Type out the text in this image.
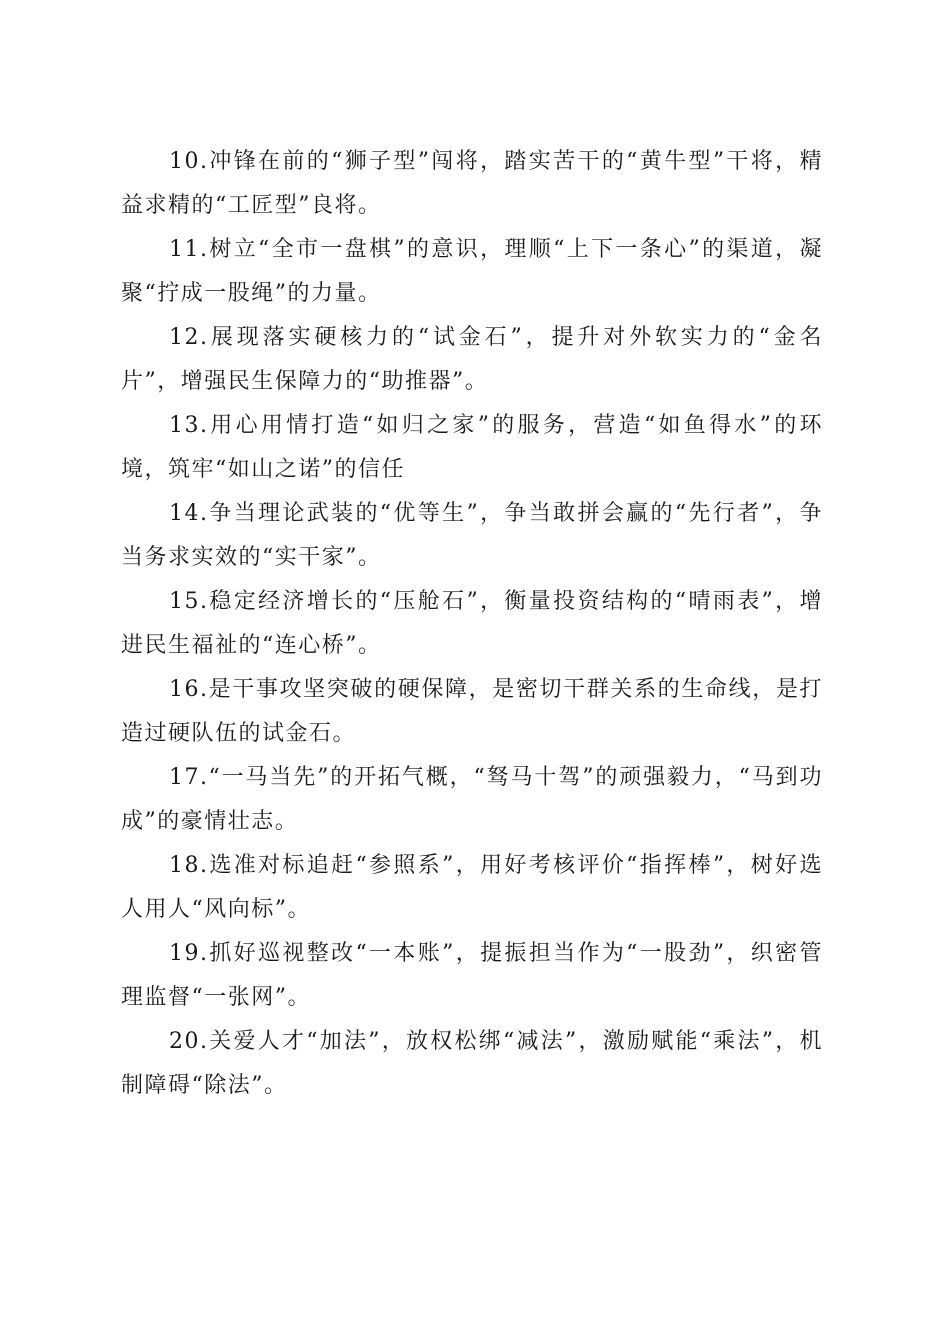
10.冲锋在前的“狮子型”闯将，踏实苦干的“黄牛型”干将，精益求精的“工匠型”良将。

11.树立“全市一盘棋”的意识，理顺“上下一条心”的渠道，凝聚“拧成一股绳”的力量。

12.展现落实硬核力的“试金石”，提升对外软实力的“金名片”，增强民生保障力的“助推器”。

13.用心用情打造“如归之家”的服务，营造“如鱼得水”的环境，筑牢“如山之诺”的信任

14.争当理论武装的“优等生”，争当敢拼会赢的“先行者”，争当务求实效的“实干家”。

15.稳定经济增长的“压舱石”，衡量投资结构的“晴雨表”，增进民生福祉的“连心桥”。

16.是干事攻坚突破的硬保障，是密切干群关系的生命线，是打造过硬队伍的试金石。

17.“一马当先”的开拓气概，“驽马十驾”的顽强毅力，“马到功成”的豪情壮志。

18.选准对标追赶“参照系”，用好考核评价“指挥棒”，树好选人用人“风向标”。

19.抓好巡视整改“一本账”，提振担当作为“一股劲”，织密管理监督“一张网”。

20.关爱人才“加法”，放权松绑“减法”，激励赋能“乘法”，机制障碍“除法”。
